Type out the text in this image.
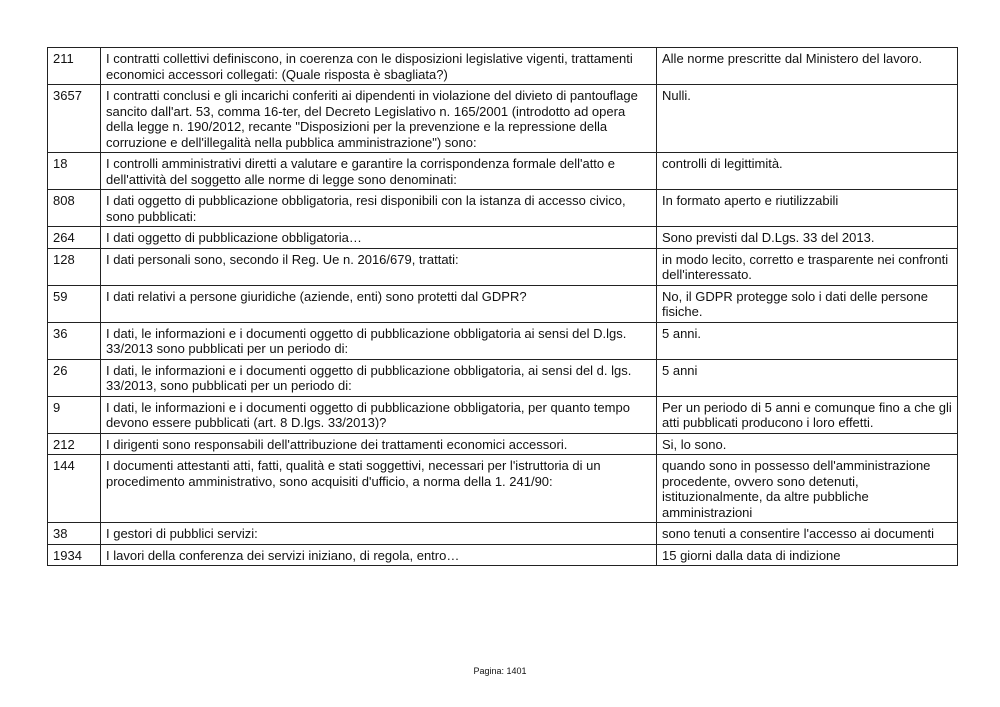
211	I contratti collettivi definiscono, in coerenza con le disposizioni legislative vigenti, trattamenti economici accessori collegati: (Quale risposta è sbagliata?)	Alle norme prescritte dal Ministero del lavoro.
3657	I contratti conclusi e gli incarichi conferiti ai dipendenti in violazione del divieto di pantouflage sancito dall'art. 53, comma 16-ter, del Decreto Legislativo n. 165/2001 (introdotto ad opera della legge n. 190/2012, recante "Disposizioni per la prevenzione e la repressione della corruzione e dell'illegalità nella pubblica amministrazione") sono:	Nulli.
18	I controlli amministrativi diretti a valutare e garantire la corrispondenza formale dell'atto e dell'attività del soggetto alle norme di legge sono denominati:	controlli di legittimità.
808	I dati oggetto di pubblicazione obbligatoria, resi disponibili con la istanza di accesso civico, sono pubblicati:	In formato aperto e riutilizzabili
264	I dati oggetto di pubblicazione obbligatoria…	Sono previsti dal D.Lgs. 33 del 2013.
128	I dati personali sono, secondo il Reg. Ue n. 2016/679, trattati:	in modo lecito, corretto e trasparente nei confronti dell'interessato.
59	I dati relativi a persone giuridiche (aziende, enti) sono protetti dal GDPR?	No, il GDPR protegge solo i dati delle persone fisiche.
36	I dati, le informazioni e i documenti oggetto di pubblicazione obbligatoria ai sensi del D.lgs. 33/2013 sono pubblicati per un periodo di:	5 anni.
26	I dati, le informazioni e i documenti oggetto di pubblicazione obbligatoria, ai sensi del d. lgs. 33/2013, sono pubblicati per un periodo di:	5 anni
9	I dati, le informazioni e i documenti oggetto di pubblicazione obbligatoria, per quanto tempo devono essere pubblicati (art. 8 D.lgs. 33/2013)?	Per un periodo di 5 anni e comunque fino a che gli atti pubblicati producono i loro effetti.
212	I dirigenti sono responsabili dell'attribuzione dei trattamenti economici accessori.	Si, lo sono.
144	I documenti attestanti atti, fatti, qualità e stati soggettivi, necessari per l'istruttoria di un procedimento amministrativo, sono acquisiti d'ufficio, a norma della 1. 241/90:	quando sono in possesso dell'amministrazione procedente, ovvero sono detenuti, istituzionalmente, da altre pubbliche amministrazioni
38	I gestori di pubblici servizi:	sono tenuti a consentire l'accesso ai documenti
1934	I lavori della conferenza dei servizi iniziano, di regola, entro…	15 giorni dalla data di indizione
Pagina: 1401
